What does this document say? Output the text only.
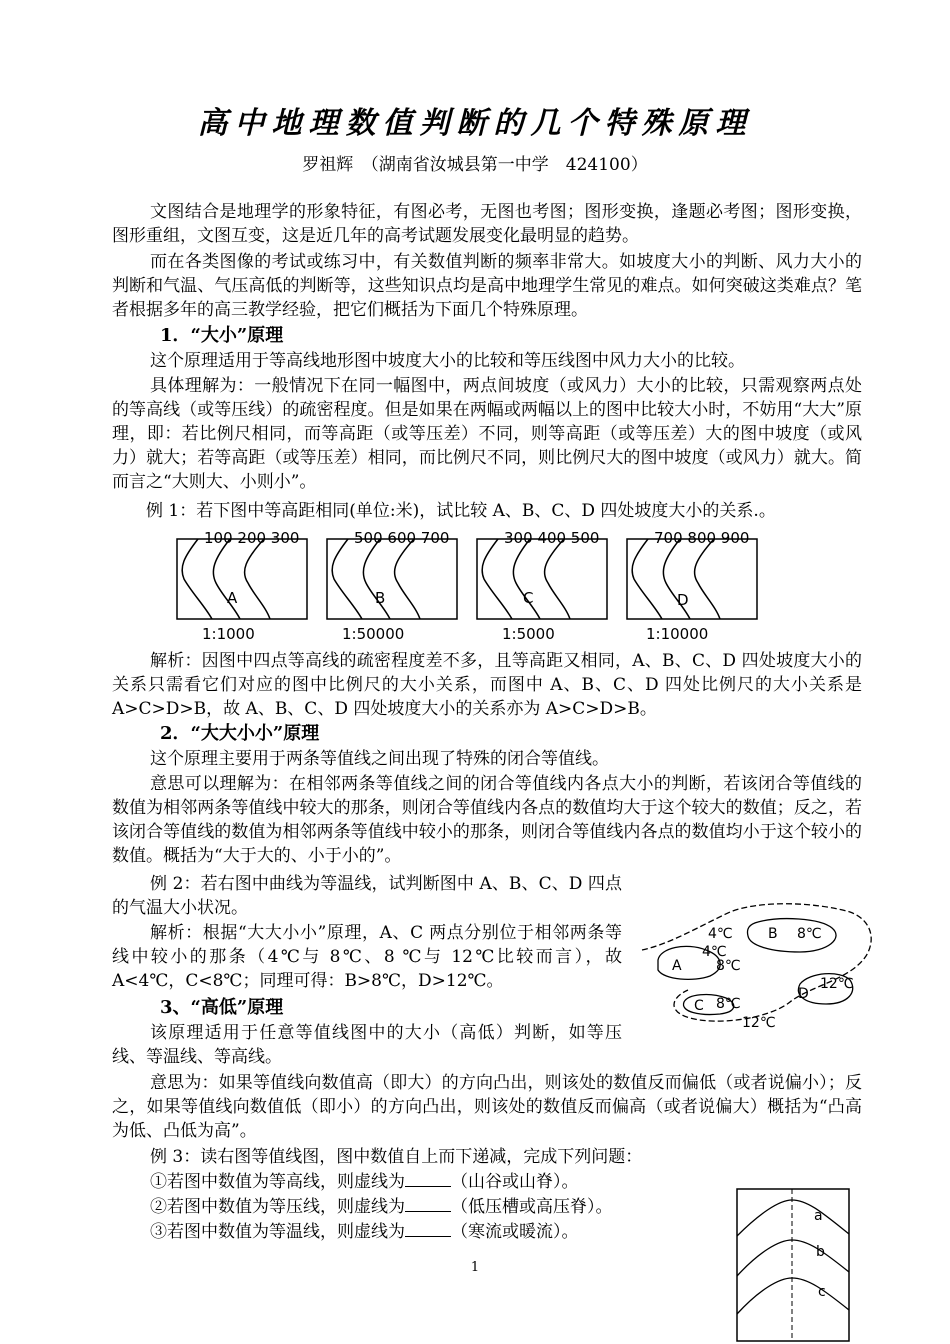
高中地理数值判断的几个特殊原理
罗祖辉　（湖南省汝城县第一中学　424100）
文图结合是地理学的形象特征，有图必考，无图也考图；图形变换，逢题必考图；图形变换，图形重组，文图互变，这是近几年的高考试题发展变化最明显的趋势。
而在各类图像的考试或练习中，有关数值判断的频率非常大。如坡度大小的判断、风力大小的判断和气温、气压高低的判断等，这些知识点均是高中地理学生常见的难点。如何突破这类难点？笔者根据多年的高三教学经验，把它们概括为下面几个特殊原理。
1．“大小”原理
这个原理适用于等高线地形图中坡度大小的比较和等压线图中风力大小的比较。
具体理解为：一般情况下在同一幅图中，两点间坡度（或风力）大小的比较，只需观察两点处的等高线（或等压线）的疏密程度。但是如果在两幅或两幅以上的图中比较大小时，不妨用“大大”原理，即：若比例尺相同，而等高距（或等压差）不同，则等高距（或等压差）大的图中坡度（或风力）就大；若等高距（或等压差）相同，而比例尺不同，则比例尺大的图中坡度（或风力）就大。简而言之“大则大、小则小”。
例 1：若下图中等高距相同(单位:米)，试比较 A、B、C、D 四处坡度大小的关系.。
100 200 300
A
1:1000
500 600 700
B
1:50000
300 400 500
C
1:5000
700 800 900
D
1:10000
解析：因图中四点等高线的疏密程度差不多，且等高距又相同，A、B、C、D 四处坡度大小的关系只需看它们对应的图中比例尺的大小关系，而图中 A、B、C、D 四处比例尺的大小关系是 A>C>D>B，故 A、B、C、D 四处坡度大小的关系亦为 A>C>D>B。
2．“大大小小”原理
这个原理主要用于两条等值线之间出现了特殊的闭合等值线。
意思可以理解为：在相邻两条等值线之间的闭合等值线内各点大小的判断，若该闭合等值线的数值为相邻两条等值线中较大的那条，则闭合等值线内各点的数值均大于这个较大的数值；反之，若该闭合等值线的数值为相邻两条等值线中较小的那条，则闭合等值线内各点的数值均小于这个较小的数值。概括为“大于大的、小于小的”。
例 2：若右图中曲线为等温线，试判断图中 A、B、C、D 四点的气温大小状况。
解析：根据“大大小小”原理，A、C 两点分别位于相邻两条等线中较小的那条（4℃与 8℃、8 ℃与 12℃比较而言），故 A<4℃，C<8℃；同理可得：B>8℃，D>12℃。
4℃	B 8℃
A 8℃
4℃
12℃
D
C 8℃
12℃
3、“高低”原理
该原理适用于任意等值线图中的大小（高低）判断，如等压线、等温线、等高线。
意思为：如果等值线向数值高（即大）的方向凸出，则该处的数值反而偏低（或者说偏小）；反之，如果等值线向数值低（即小）的方向凸出，则该处的数值反而偏高（或者说偏大）概括为“凸高为低、凸低为高”。
例 3：读右图等值线图，图中数值自上而下递减，完成下列问题：
①若图中数值为等高线，则虚线为	（山谷或山脊）。
②若图中数值为等压线，则虚线为	（低压槽或高压脊）。
③若图中数值为等温线，则虚线为	（寒流或暖流）。
a
b
c
1
